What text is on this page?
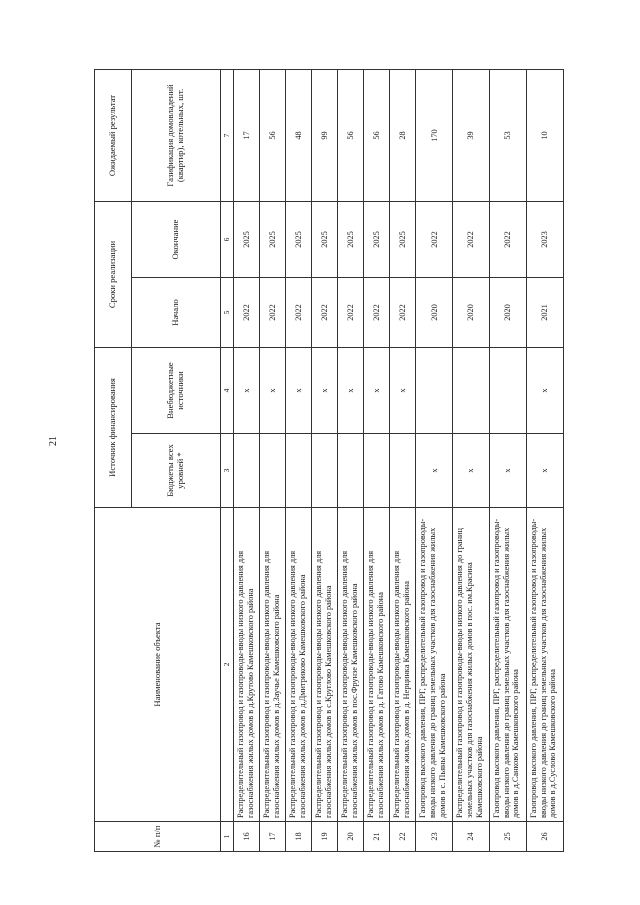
21
№ п/п	Наименование объекта	Источник финансирования		Сроки реализации		Ожидаемый результат
		Бюджеты всех уровней *	Внебюджетные источники	Начало	Окончание	Газификация домовладений (квартир), котельных, шт.
1	2	3	4	5	6	7
16	Распределительный газопровод и газопроводы-вводы низкого давления для газоснабжения жилых домов в д.Крутово Камешковского района		х	2022	2025	17
17	Распределительный газопровод и газопроводы-вводы низкого давления для газоснабжения жилых домов в д.Заучье Камешковского района		х	2022	2025	56
18	Распределительный газопровод и газопроводы-вводы низкого давления для газоснабжения жилых домов в д.Дмитриково Камешковского района		х	2022	2025	48
19	Распределительный газопровод и газопроводы-вводы низкого давления для газоснабжения жилых домов в с.Круглово Камешковского района		х	2022	2025	99
20	Распределительный газопровод и газопроводы-вводы низкого давления для газоснабжения жилых домов в пос.Фрунзе Камешковского района		х	2022	2025	56
21	Распределительный газопровод и газопроводы-вводы низкого давления для газоснабжения жилых домов в д. Гатово Камешковского района		х	2022	2025	56
22	Распределительный газопровод и газопроводы-вводы низкого давления для газоснабжения жилых домов в д. Нерцинка Камешковского района		х	2022	2025	28
23	Газопровод высокого давления, ПРГ, распределительный газопровод и газопроводы-вводы низкого давления до границ земельных участков для газоснабжения жилых домов в с. Пьяны Камешковского района	х		2020	2022	170
24	Распределительный газопровод и газопроводы-вводы низкого давления до границ земельных участков для газоснабжения жилых домов в пос. им.Красина Камешковского района	х		2020	2022	39
25	Газопровод высокого давления, ПРГ, распределительный газопровод и газопроводы-вводы низкого давления до границ земельных участков для газоснабжения жилых домов в д.Санково Камешковского района	х		2020	2022	53
26	Газопровод высокого давления, ПРГ, распределительный газопровод и газопроводы-вводы низкого давления до границ земельных участков для газоснабжения жилых домов в д.Суслово Камешковского района	х	х	2021	2023	10
